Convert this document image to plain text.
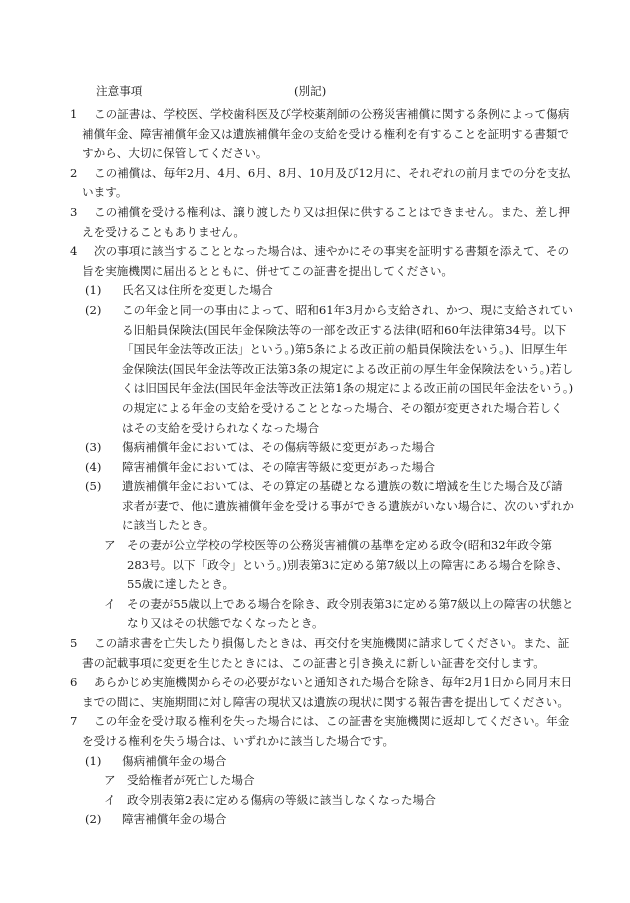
注意事項	(別記)
1	この証書は、学校医、学校歯科医及び学校薬剤師の公務災害補償に関する条例によって傷病補償年金、障害補償年金又は遺族補償年金の支給を受ける権利を有することを証明する書類ですから、大切に保管してください。

2	この補償は、毎年2月、4月、6月、8月、10月及び12月に、それぞれの前月までの分を支払います。

3	この補償を受ける権利は、譲り渡したり又は担保に供することはできません。また、差し押えを受けることもありません。

4	次の事項に該当することとなった場合は、速やかにその事実を証明する書類を添えて、その旨を実施機関に届出るとともに、併せてこの証書を提出してください。

(1) 氏名又は住所を変更した場合

(2) この年金と同一の事由によって、昭和61年3月から支給され、かつ、現に支給されている旧船員保険法(国民年金保険法等の一部を改正する法律(昭和60年法律第34号。以下「国民年金法等改正法」という。)第5条による改正前の船員保険法をいう。)、旧厚生年金保険法(国民年金法等改正法第3条の規定による改正前の厚生年金保険法をいう。)若しくは旧国民年金法(国民年金法等改正法第1条の規定による改正前の国民年金法をいう。)の規定による年金の支給を受けることとなった場合、その額が変更された場合若しくはその支給を受けられなくなった場合

(3) 傷病補償年金においては、その傷病等級に変更があった場合

(4) 障害補償年金においては、その障害等級に変更があった場合

(5) 遺族補償年金においては、その算定の基礎となる遺族の数に増減を生じた場合及び請求者が妻で、他に遺族補償年金を受ける事ができる遺族がいない場合に、次のいずれかに該当したとき。

ア その妻が公立学校の学校医等の公務災害補償の基準を定める政令(昭和32年政令第283号。以下「政令」という。)別表第3に定める第7級以上の障害にある場合を除き、55歳に達したとき。

イ その妻が55歳以上である場合を除き、政令別表第3に定める第7級以上の障害の状態となり又はその状態でなくなったとき。

5	この請求書を亡失したり損傷したときは、再交付を実施機関に請求してください。また、証書の記載事項に変更を生じたときには、この証書と引き換えに新しい証書を交付します。

6	あらかじめ実施機関からその必要がないと通知された場合を除き、毎年2月1日から同月末日までの間に、実施期間に対し障害の現状又は遺族の現状に関する報告書を提出してください。

7	この年金を受け取る権利を失った場合には、この証書を実施機関に返却してください。年金を受ける権利を失う場合は、いずれかに該当した場合です。

(1) 傷病補償年金の場合

ア 受給権者が死亡した場合

イ 政令別表第2表に定める傷病の等級に該当しなくなった場合

(2) 障害補償年金の場合
